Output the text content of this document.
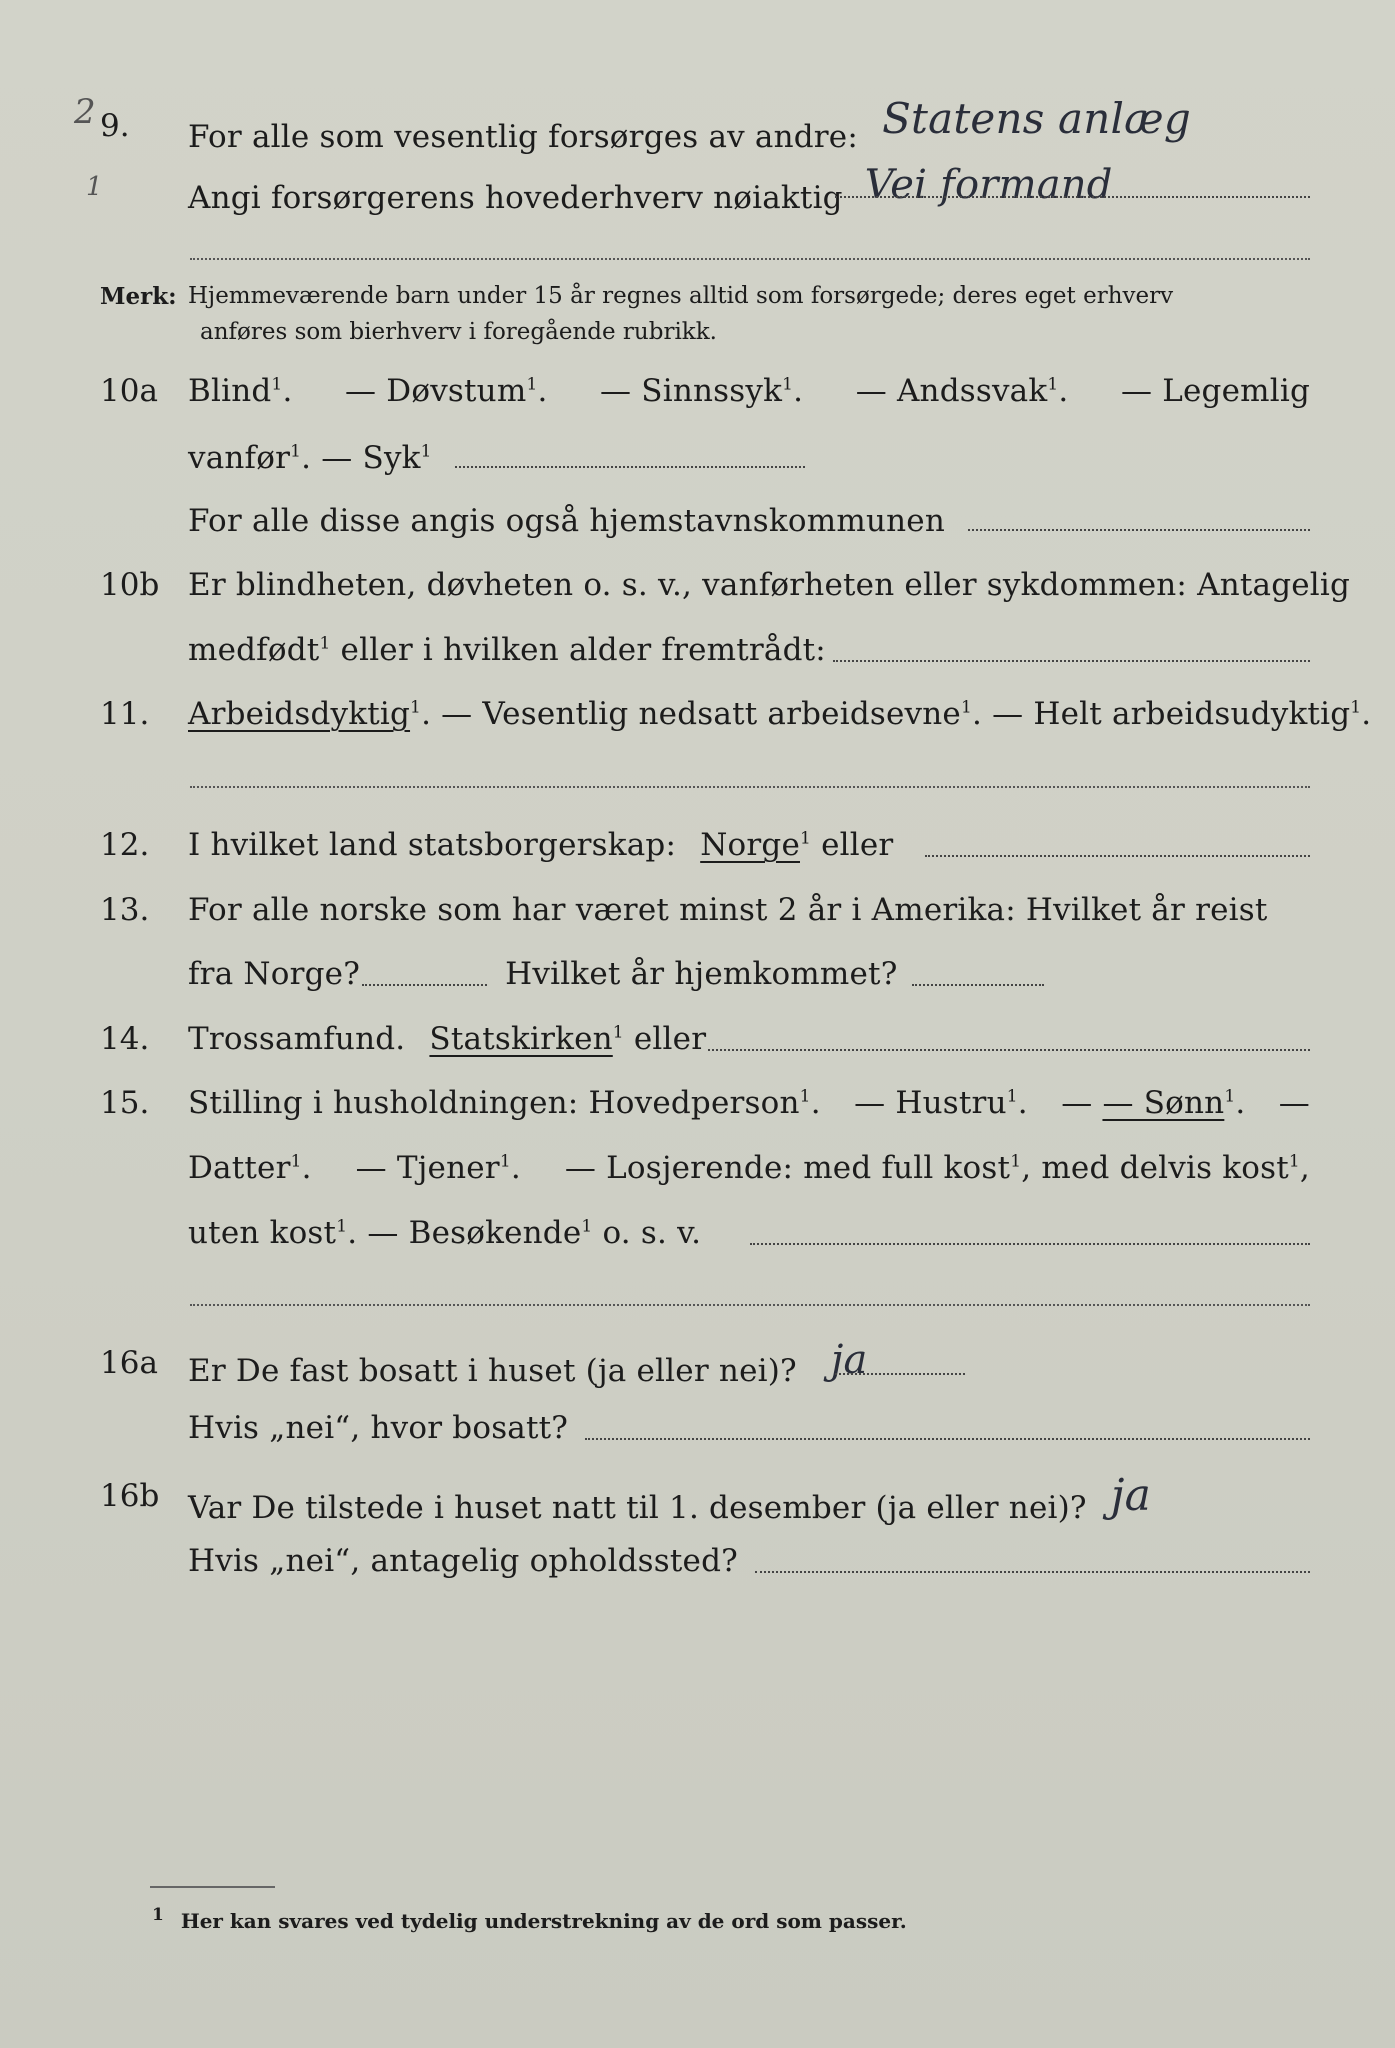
2
1
9.	For alle som vesentlig forsørges av andre: Statens anlæg
Angi forsørgerens hovederhverv nøiaktig Vei formand
Merk: Hjemmeværende barn under 15 år regnes alltid som forsørgede; deres eget erhverv
anføres som bierhverv i foregående rubrikk.
10a Blind$^1$. — Døvstum$^1$. — Sinnssyk$^1$. — Andssvak$^1$. — Legemlig
vanfør$^1$. — Syk$^1$
For alle disse angis også hjemstavnskommunen
10b Er blindheten, døvheten o. s. v., vanførheten eller sykdommen: Antagelig
medfødt$^1$ eller i hvilken alder fremtrådt:
11.	Arbeidsdyktig$^1$. — Vesentlig nedsatt arbeidsevne$^1$. — Helt arbeidsudyktig$^1$.
12.	I hvilket land statsborgerskap: Norge$^1$ eller
13.	For alle norske som har været minst 2 år i Amerika: Hvilket år reist
fra Norge?	Hvilket år hjemkommet?
14.	Trossamfund. Statskirken$^1$ eller
15.	Stilling i husholdningen: Hovedperson$^1$. — Hustru$^1$. — — Sønn$^1$. —
Datter$^1$. — Tjener$^1$. — Losjerende: med full kost$^1$, med delvis kost$^1$,
uten kost$^1$. — Besøkende$^1$ o. s. v.
16a Er De fast bosatt i huset (ja eller nei)? ja
Hvis „nei“, hvor bosatt?
16b Var De tilstede i huset natt til 1. desember (ja eller nei)? ja
Hvis „nei“, antagelig opholdssted?
$^1$ Her kan svares ved tydelig understrekning av de ord som passer.
